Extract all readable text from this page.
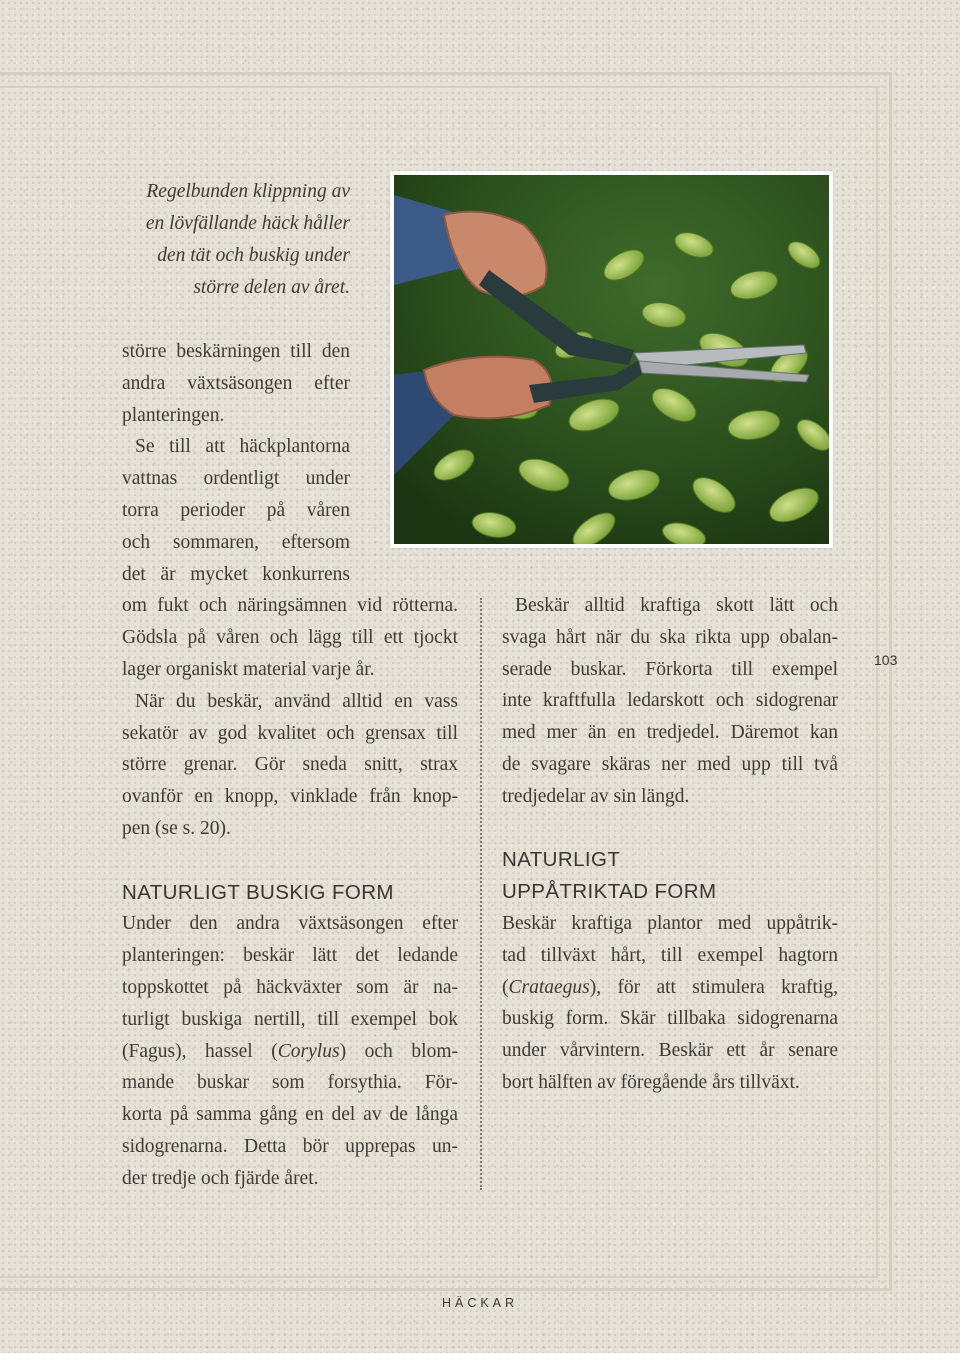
Regelbunden klippning av
en lövfällande häck håller
den tät och buskig under
större delen av året.
större beskärningen till den
andra växtsäsongen efter
planteringen.
Se till att häckplantorna
vattnas ordentligt under
torra perioder på våren
och sommaren, eftersom
det är mycket konkurrens
om fukt och näringsämnen vid rötterna.
Gödsla på våren och lägg till ett tjockt
lager organiskt material varje år.
När du beskär, använd alltid en vass
sekatör av god kvalitet och grensax till
större grenar. Gör sneda snitt, strax
ovanför en knopp, vinklade från knop-
pen (se s. 20).
NATURLIGT BUSKIG FORM
Under den andra växtsäsongen efter
planteringen: beskär lätt det ledande
toppskottet på häckväxter som är na-
turligt buskiga nertill, till exempel bok
(Fagus), hassel (Corylus) och blom-
mande buskar som forsythia. För-
korta på samma gång en del av de långa
sidogrenarna. Detta bör upprepas un-
der tredje och fjärde året.
Beskär alltid kraftiga skott lätt och
svaga hårt när du ska rikta upp obalan-
serade buskar. Förkorta till exempel
inte kraftfulla ledarskott och sidogrenar
med mer än en tredjedel. Däremot kan
de svagare skäras ner med upp till två
tredjedelar av sin längd.
NATURLIGT
UPPÅTRIKTAD FORM
Beskär kraftiga plantor med uppåtrik-
tad tillväxt hårt, till exempel hagtorn
(Crataegus), för att stimulera kraftig,
buskig form. Skär tillbaka sidogrenarna
under vårvintern. Beskär ett år senare
bort hälften av föregående års tillväxt.
103
HÄCKAR
